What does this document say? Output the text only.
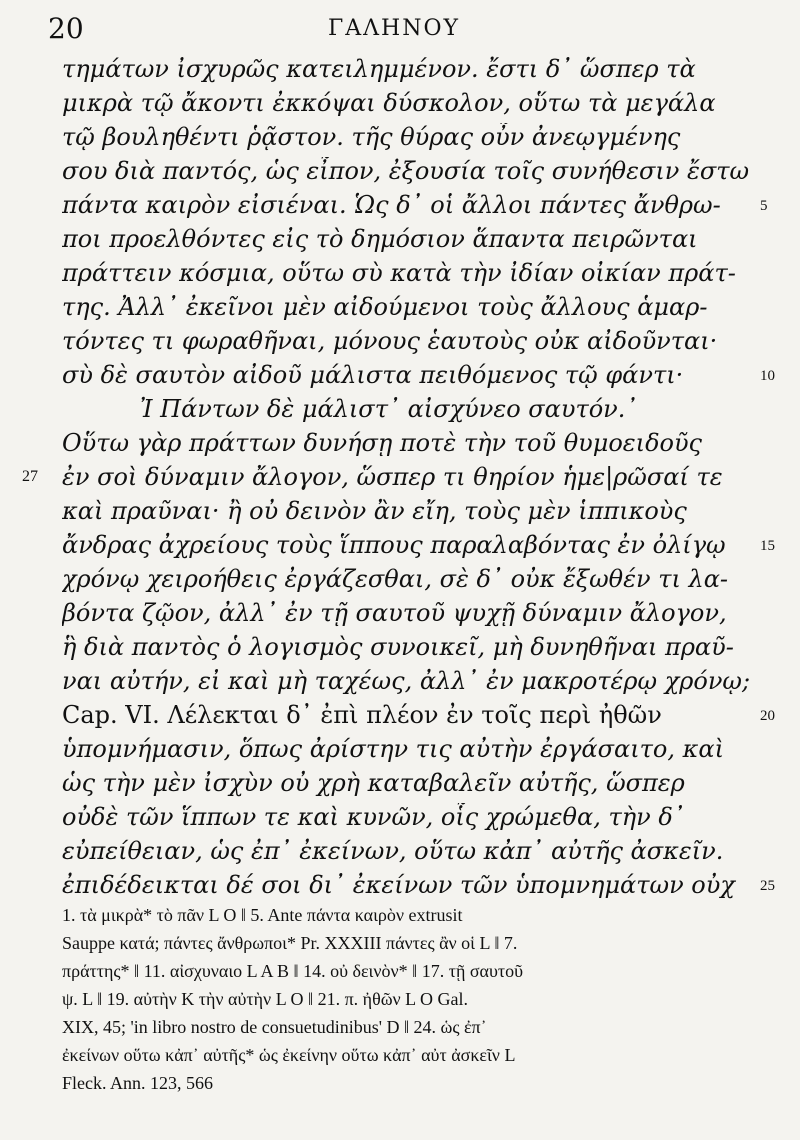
20	ΓΑΛΗΝΟΥ
τημάτων ἰσχυρῶς κατειλημμένον. ἔστι δ᾽ ὥσπερ τὰ
μικρὰ τῷ ἄκοντι ἐκκόψαι δύσκολον, οὕτω τὰ μεγάλα
τῷ βουληθέντι ῥᾷστον. τῆς θύρας οὖν ἀνεῳγμένης
σου διὰ παντός, ὡς εἶπον, ἐξουσία τοῖς συνήθεσιν ἔστω
πάντα καιρὸν εἰσιέναι. Ὡς δ᾽ οἱ ἄλλοι πάντες ἄνθρω-
ποι προελθόντες εἰς τὸ δημόσιον ἅπαντα πειρῶνται
πράττειν κόσμια, οὕτω σὺ κατὰ τὴν ἰδίαν οἰκίαν πράτ-
της. Ἀλλ᾽ ἐκεῖνοι μὲν αἰδούμενοι τοὺς ἄλλους ἁμαρ-
τόντες τι φωραθῆναι, μόνους ἑαυτοὺς οὐκ αἰδοῦνται·
σὺ δὲ σαυτὸν αἰδοῦ μάλιστα πειθόμενος τῷ φάντι·
Ἰ Πάντων δὲ μάλιστ᾽ αἰσχύνεο σαυτόν.᾽
Οὕτω γὰρ πράττων δυνήσῃ ποτὲ τὴν τοῦ θυμοειδοῦς
ἐν σοὶ δύναμιν ἄλογον, ὥσπερ τι θηρίον ἡμε|ρῶσαί τε
καὶ πραῦναι· ἢ οὐ δεινὸν ἂν εἴη, τοὺς μὲν ἱππικοὺς
ἄνδρας ἀχρείους τοὺς ἵππους παραλαβόντας ἐν ὀλίγῳ
χρόνῳ χειροήθεις ἐργάζεσθαι, σὲ δ᾽ οὐκ ἔξωθέν τι λα-
βόντα ζῷον, ἀλλ᾽ ἐν τῇ σαυτοῦ ψυχῇ δύναμιν ἄλογον,
ἣ διὰ παντὸς ὁ λογισμὸς συνοικεῖ, μὴ δυνηθῆναι πραῦ-
ναι αὐτήν, εἰ καὶ μὴ ταχέως, ἀλλ᾽ ἐν μακροτέρῳ χρόνῳ;
Cap. VI. Λέλεκται δ᾽ ἐπὶ πλέον ἐν τοῖς περὶ ἠθῶν
ὑπομνήμασιν, ὅπως ἀρίστην τις αὐτὴν ἐργάσαιτο, καὶ
ὡς τὴν μὲν ἰσχὺν οὐ χρὴ καταβαλεῖν αὐτῆς, ὥσπερ
οὐδὲ τῶν ἵππων τε καὶ κυνῶν, οἷς χρώμεθα, τὴν δ᾽
εὐπείθειαν, ὡς ἐπ᾽ ἐκείνων, οὕτω κἀπ᾽ αὐτῆς ἀσκεῖν.
ἐπιδέδεικται δέ σοι δι᾽ ἐκείνων τῶν ὑπομνημάτων οὐχ
5
10
15
20
25
27
1. τὰ μικρὰ* τὸ πᾶν L O ‖ 5. Ante πάντα καιρὸν extrusit
Sauppe κατά; πάντες ἄνθρωποι* Pr. XXXIII πάντες ἂν οἱ L ‖ 7.
πράττης* ‖ 11. αἰσχυναιο L A B ‖ 14. οὐ δεινὸν* ‖ 17. τῇ σαυτοῦ
ψ. L ‖ 19. αὐτὴν K τὴν αὐτὴν L O ‖ 21. π. ἠθῶν L O Gal.
XIX, 45; 'in libro nostro de consuetudinibus' D ‖ 24. ὡς ἐπ᾽
ἐκείνων οὕτω κἀπ᾽ αὐτῆς* ὡς ἐκείνην οὕτω κἀπ᾽ αὐτ ἀσκεῖν L
Fleck. Ann. 123, 566
